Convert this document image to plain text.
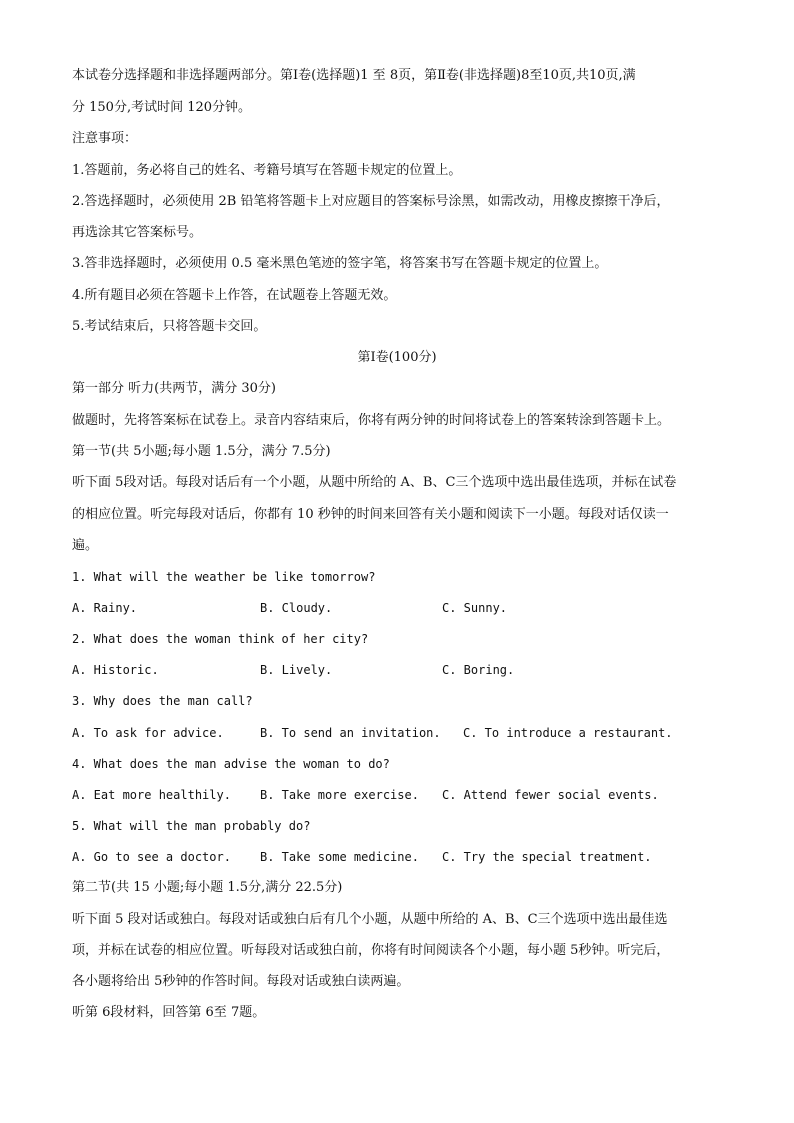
本试卷分选择题和非选择题两部分。第Ⅰ卷(选择题)1 至 8页，第Ⅱ卷(非选择题)8至10页,共10页,满
分 150分,考试时间 120分钟。
注意事项：
1.答题前，务必将自己的姓名、考籍号填写在答题卡规定的位置上。
2.答选择题时，必须使用 2B 铅笔将答题卡上对应题目的答案标号涂黑，如需改动，用橡皮擦擦干净后，
再选涂其它答案标号。
3.答非选择题时，必须使用 0.5 毫米黑色笔迹的签字笔，将答案书写在答题卡规定的位置上。
4.所有题目必须在答题卡上作答，在试题卷上答题无效。
5.考试结束后，只将答题卡交回。
第Ⅰ卷(100分)
第一部分 听力(共两节，满分 30分)
做题时，先将答案标在试卷上。录音内容结束后，你将有两分钟的时间将试卷上的答案转涂到答题卡上。
第一节(共 5小题;每小题 1.5分，满分 7.5分)
听下面 5段对话。每段对话后有一个小题，从题中所给的 A、B、C三个选项中选出最佳选项，并标在试卷
的相应位置。听完每段对话后，你都有 10 秒钟的时间来回答有关小题和阅读下一小题。每段对话仅读一
遍。
1. What will the weather be like tomorrow?
A. Rainy.	B. Cloudy.	C. Sunny.
2. What does the woman think of her city?
A. Historic.	B. Lively.	C. Boring.
3. Why does the man call?
A. To ask for advice.	B. To send an invitation. C. To introduce a restaurant.
4. What does the man advise the woman to do?
A. Eat more healthily. B. Take more exercise. C. Attend fewer social events.
5. What will the man probably do?
A. Go to see a doctor. B. Take some medicine. C. Try the special treatment.
第二节(共 15 小题;每小题 1.5分,满分 22.5分)
听下面 5 段对话或独白。每段对话或独白后有几个小题，从题中所给的 A、B、C三个选项中选出最佳选
项，并标在试卷的相应位置。听每段对话或独白前，你将有时间阅读各个小题，每小题 5秒钟。听完后，
各小题将给出 5秒钟的作答时间。每段对话或独白读两遍。
听第 6段材料，回答第 6至 7题。
